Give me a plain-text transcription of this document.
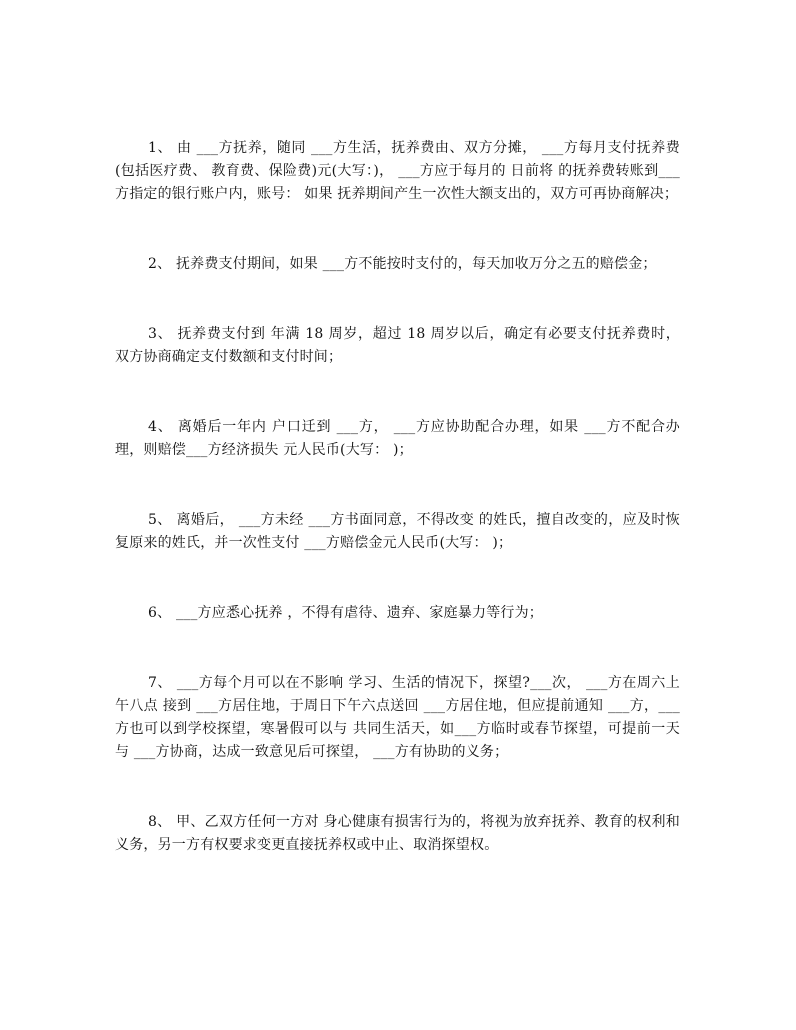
1、 由 ___方抚养，随同 ___方生活，抚养费由、双方分摊， ___方每月支付抚养费(包括医疗费、 教育费、保险费)元(大写：)， ___方应于每月的 日前将 的抚养费转账到___方指定的银行账户内，账号： 如果 抚养期间产生一次性大额支出的，双方可再协商解决；

2、 抚养费支付期间，如果 ___方不能按时支付的，每天加收万分之五的赔偿金；

3、 抚养费支付到 年满 18 周岁，超过 18 周岁以后，确定有必要支付抚养费时， 双方协商确定支付数额和支付时间；

4、 离婚后一年内 户口迁到 ___方， ___方应协助配合办理，如果 ___方不配合办理，则赔偿___方经济损失 元人民币(大写： )；

5、 离婚后， ___方未经 ___方书面同意，不得改变 的姓氏，擅自改变的，应及时恢复原来的姓氏，并一次性支付 ___方赔偿金元人民币(大写： )；

6、 ___方应悉心抚养 ，不得有虐待、遗弃、家庭暴力等行为；

7、 ___方每个月可以在不影响 学习、生活的情况下，探望?___次， ___方在周六上午八点 接到 ___方居住地，于周日下午六点送回 ___方居住地，但应提前通知 ___方，___方也可以到学校探望，寒暑假可以与 共同生活天，如___方临时或春节探望，可提前一天与 ___方协商，达成一致意见后可探望， ___方有协助的义务；

8、 甲、乙双方任何一方对 身心健康有损害行为的，将视为放弃抚养、教育的权利和义务，另一方有权要求变更直接抚养权或中止、取消探望权。
